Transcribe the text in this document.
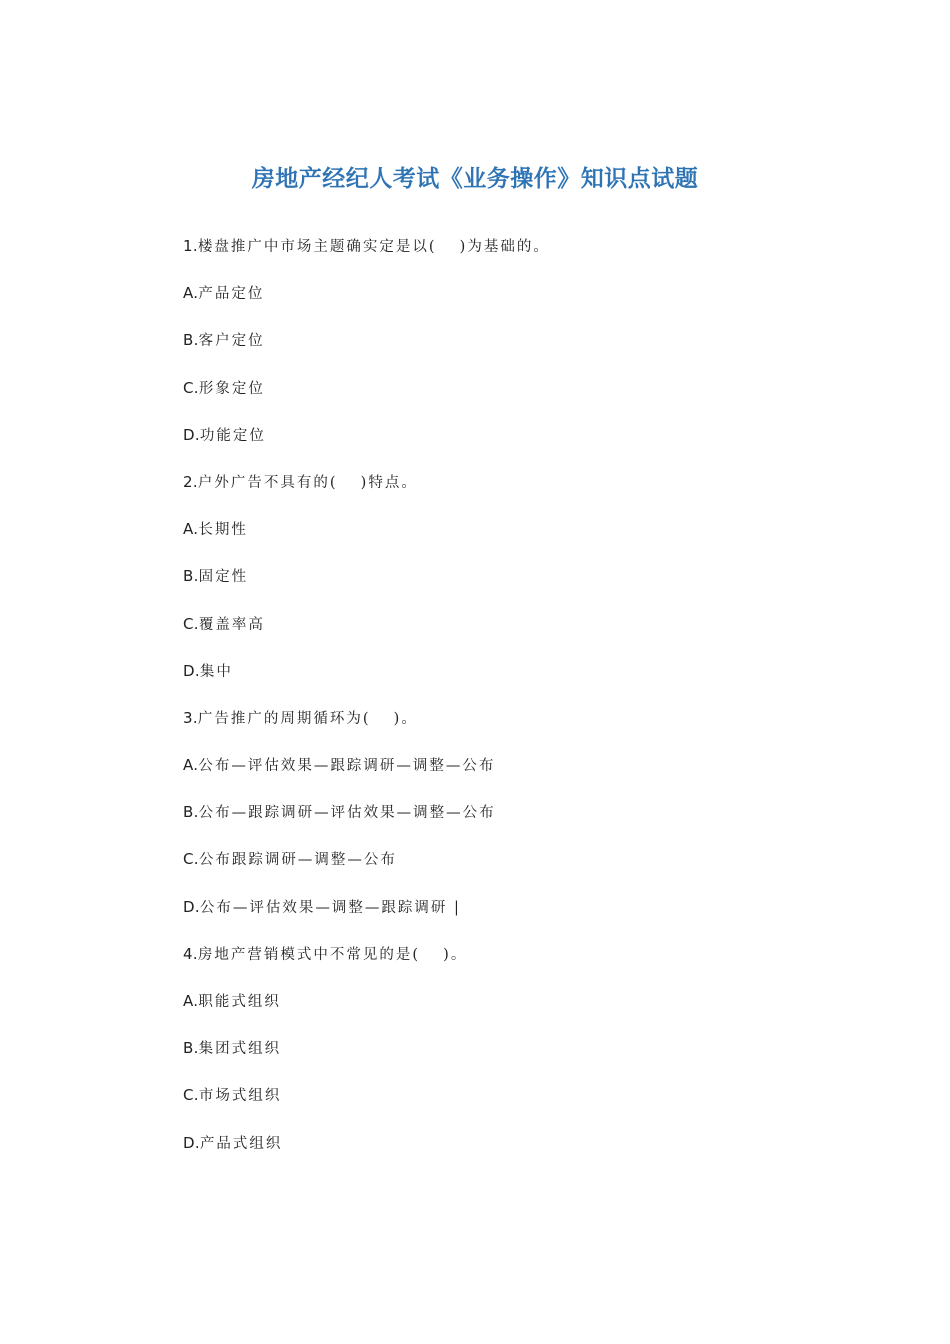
房地产经纪人考试《业务操作》知识点试题
1.楼盘推广中市场主题确实定是以(　 )为基础的。
A.产品定位
B.客户定位
C.形象定位
D.功能定位
2.户外广告不具有的(　 )特点。
A.长期性
B.固定性
C.覆盖率高
D.集中
3.广告推广的周期循环为(　 )。
A.公布—评估效果—跟踪调研—调整—公布
B.公布—跟踪调研—评估效果—调整—公布
C.公布跟踪调研—调整—公布
D.公布—评估效果—调整—跟踪调研 |
4.房地产营销模式中不常见的是(　 )。
A.职能式组织
B.集团式组织
C.市场式组织
D.产品式组织
